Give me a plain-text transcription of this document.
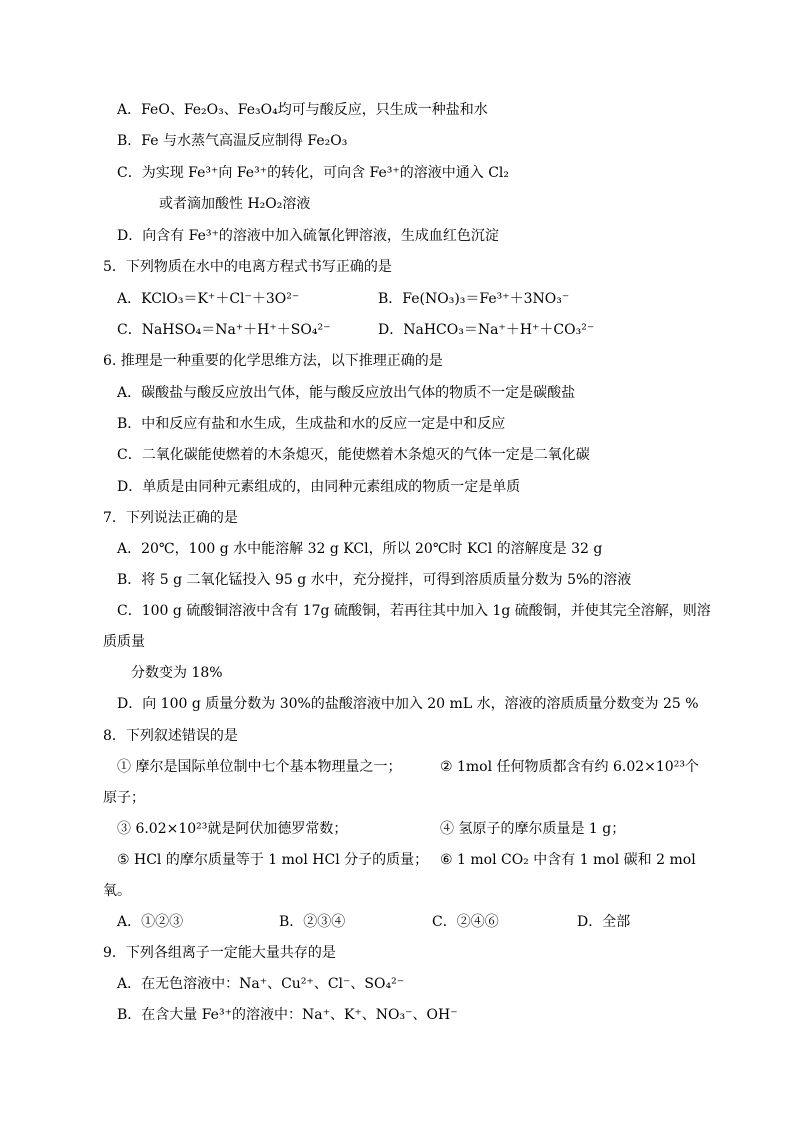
A．FeO、Fe₂O₃、Fe₃O₄均可与酸反应，只生成一种盐和水
B．Fe 与水蒸气高温反应制得 Fe₂O₃
C．为实现 Fe³⁺向 Fe³⁺的转化，可向含 Fe³⁺的溶液中通入 Cl₂
或者滴加酸性 H₂O₂溶液
D．向含有 Fe³⁺的溶液中加入硫氰化钾溶液，生成血红色沉淀
5．下列物质在水中的电离方程式书写正确的是
A．KClO₃＝K⁺＋Cl⁻＋3O²⁻	B．Fe(NO₃)₃＝Fe³⁺＋3NO₃⁻
C．NaHSO₄＝Na⁺＋H⁺＋SO₄²⁻	D．NaHCO₃＝Na⁺＋H⁺＋CO₃²⁻
6. 推理是一种重要的化学思维方法，以下推理正确的是
A．碳酸盐与酸反应放出气体，能与酸反应放出气体的物质不一定是碳酸盐
B．中和反应有盐和水生成，生成盐和水的反应一定是中和反应
C．二氧化碳能使燃着的木条熄灭，能使燃着木条熄灭的气体一定是二氧化碳
D．单质是由同种元素组成的，由同种元素组成的物质一定是单质
7．下列说法正确的是
A．20℃，100 g 水中能溶解 32 g KCl，所以 20℃时 KCl 的溶解度是 32 g
B．将 5 g 二氧化锰投入 95 g 水中，充分搅拌，可得到溶质质量分数为 5%的溶液
C．100 g 硫酸铜溶液中含有 17g 硫酸铜，若再往其中加入 1g 硫酸铜，并使其完全溶解，则溶
质质量
分数变为 18%
D．向 100 g 质量分数为 30%的盐酸溶液中加入 20 mL 水，溶液的溶质质量分数变为 25 %
8．下列叙述错误的是
① 摩尔是国际单位制中七个基本物理量之一；	② 1mol 任何物质都含有约 6.02×10²³个
原子；
③ 6.02×10²³就是阿伏加德罗常数；	④ 氢原子的摩尔质量是 1 g；
⑤ HCl 的摩尔质量等于 1 mol HCl 分子的质量； ⑥ 1 mol CO₂ 中含有 1 mol 碳和 2 mol
氧。
A．①②③	B．②③④	C．②④⑥	D．全部
9．下列各组离子一定能大量共存的是
A．在无色溶液中：Na⁺、Cu²⁺、Cl⁻、SO₄²⁻
B．在含大量 Fe³⁺的溶液中：Na⁺、K⁺、NO₃⁻、OH⁻
